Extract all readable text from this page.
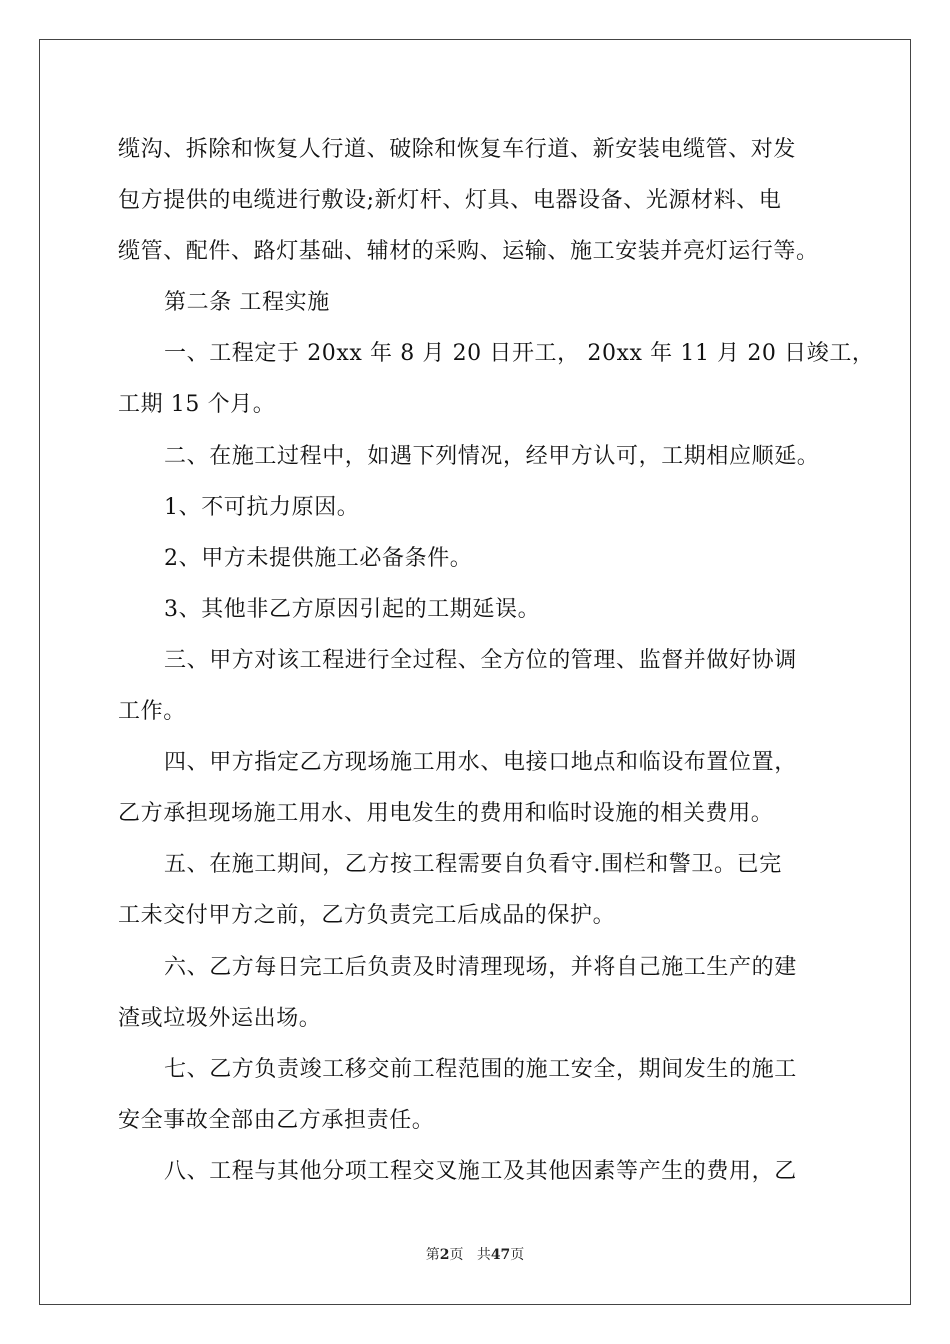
缆沟、拆除和恢复人行道、破除和恢复车行道、新安装电缆管、对发
包方提供的电缆进行敷设;新灯杆、灯具、电器设备、光源材料、电
缆管、配件、路灯基础、辅材的采购、运输、施工安装并亮灯运行等。
第二条 工程实施
一、工程定于 20xx 年 8 月 20 日开工， 20xx 年 11 月 20 日竣工，
工期 15 个月。
二、在施工过程中，如遇下列情况，经甲方认可，工期相应顺延。
1、不可抗力原因。
2、甲方未提供施工必备条件。
3、其他非乙方原因引起的工期延误。
三、甲方对该工程进行全过程、全方位的管理、监督并做好协调
工作。
四、甲方指定乙方现场施工用水、电接口地点和临设布置位置，
乙方承担现场施工用水、用电发生的费用和临时设施的相关费用。
五、在施工期间，乙方按工程需要自负看守.围栏和警卫。已完
工未交付甲方之前，乙方负责完工后成品的保护。
六、乙方每日完工后负责及时清理现场，并将自己施工生产的建
渣或垃圾外运出场。
七、乙方负责竣工移交前工程范围的施工安全，期间发生的施工
安全事故全部由乙方承担责任。
八、工程与其他分项工程交叉施工及其他因素等产生的费用，乙
第2页 共47页
